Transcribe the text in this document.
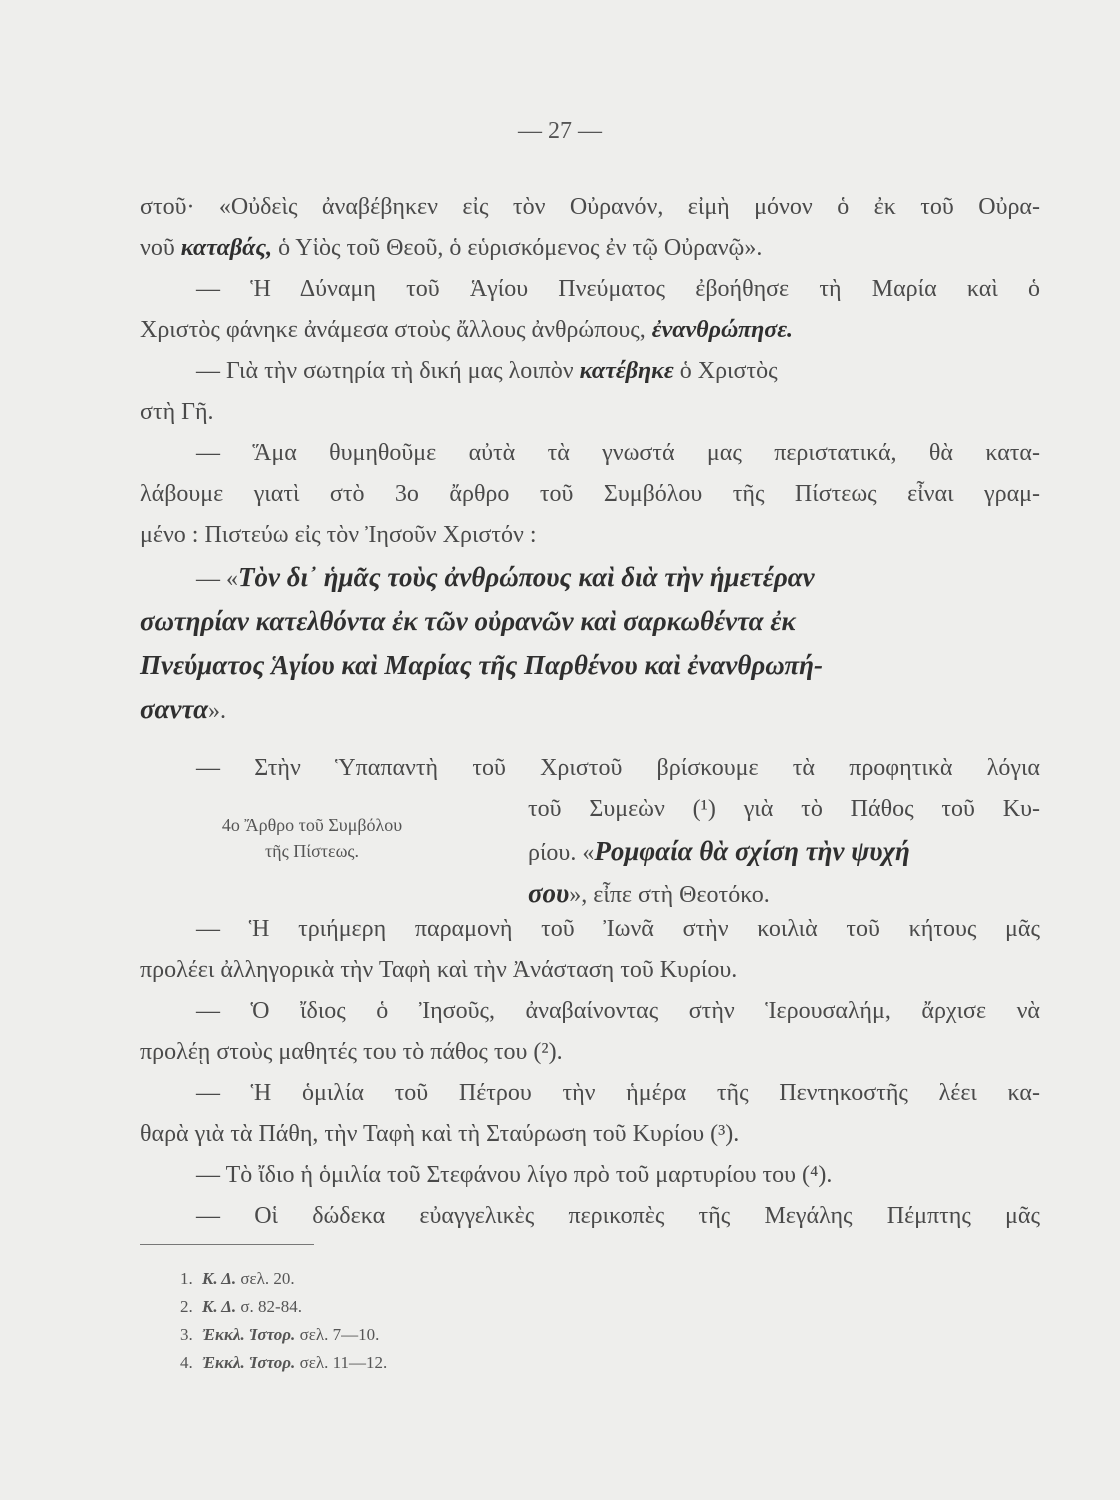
— 27 —
στοῦ· «Οὐδεὶς ἀναβέβηκεν εἰς τὸν Οὐρανόν, εἰμὴ μόνον ὁ ἐκ τοῦ Οὐρα-
νοῦ καταβάς, ὁ Υἱὸς τοῦ Θεοῦ, ὁ εὑρισκόμενος ἐν τῷ Οὐρανῷ».
— Ἡ Δύναμη τοῦ Ἁγίου Πνεύματος ἐβοήθησε τὴ Μαρία καὶ ὁ
Χριστὸς φάνηκε ἀνάμεσα στοὺς ἄλλους ἀνθρώπους, ἐνανθρώπησε.
— Γιὰ τὴν σωτηρία τὴ δική μας λοιπὸν κατέβηκε ὁ Χριστὸς
στὴ Γῆ.
— Ἅμα θυμηθοῦμε αὐτὰ τὰ γνωστά μας περιστατικά, θὰ κατα-
λάβουμε γιατὶ στὸ 3ο ἄρθρο τοῦ Συμβόλου τῆς Πίστεως εἶναι γραμ-
μένο : Πιστεύω εἰς τὸν Ἰησοῦν Χριστόν :
— «Τὸν δι᾿ ἡμᾶς τοὺς ἀνθρώπους καὶ διὰ τὴν ἡμετέραν
σωτηρίαν κατελθόντα ἐκ τῶν οὐρανῶν καὶ σαρκωθέντα ἐκ
Πνεύματος Ἁγίου καὶ Μαρίας τῆς Παρθένου καὶ ἐνανθρωπή-
σαντα».
— Στὴν Ὑπαπαντὴ τοῦ Χριστοῦ βρίσκουμε τὰ προφητικὰ λόγια
τοῦ Συμεὼν (¹) γιὰ τὸ Πάθος τοῦ Κυ-
ρίου. «Ρομφαία θὰ σχίση τὴν ψυχή
σου», εἶπε στὴ Θεοτόκο.
4ο Ἄρθρο τοῦ Συμβόλου
τῆς Πίστεως.
— Ἡ τριήμερη παραμονὴ τοῦ Ἰωνᾶ στὴν κοιλιὰ τοῦ κήτους μᾶς
προλέει ἀλληγορικὰ τὴν Ταφὴ καὶ τὴν Ἀνάσταση τοῦ Κυρίου.
— Ὁ ἴδιος ὁ Ἰησοῦς, ἀναβαίνοντας στὴν Ἱερουσαλήμ, ἄρχισε νὰ
προλέῃ στοὺς μαθητές του τὸ πάθος του (²).
— Ἡ ὁμιλία τοῦ Πέτρου τὴν ἡμέρα τῆς Πεντηκοστῆς λέει κα-
θαρὰ γιὰ τὰ Πάθη, τὴν Ταφὴ καὶ τὴ Σταύρωση τοῦ Κυρίου (³).
— Τὸ ἴδιο ἡ ὁμιλία τοῦ Στεφάνου λίγο πρὸ τοῦ μαρτυρίου του (⁴).
— Οἱ δώδεκα εὐαγγελικὲς περικοπὲς τῆς Μεγάλης Πέμπτης μᾶς
1. Κ. Δ. σελ. 20.
2. Κ. Δ. σ. 82-84.
3. Ἐκκλ. Ἱστορ. σελ. 7—10.
4. Ἐκκλ. Ἱστορ. σελ. 11—12.
